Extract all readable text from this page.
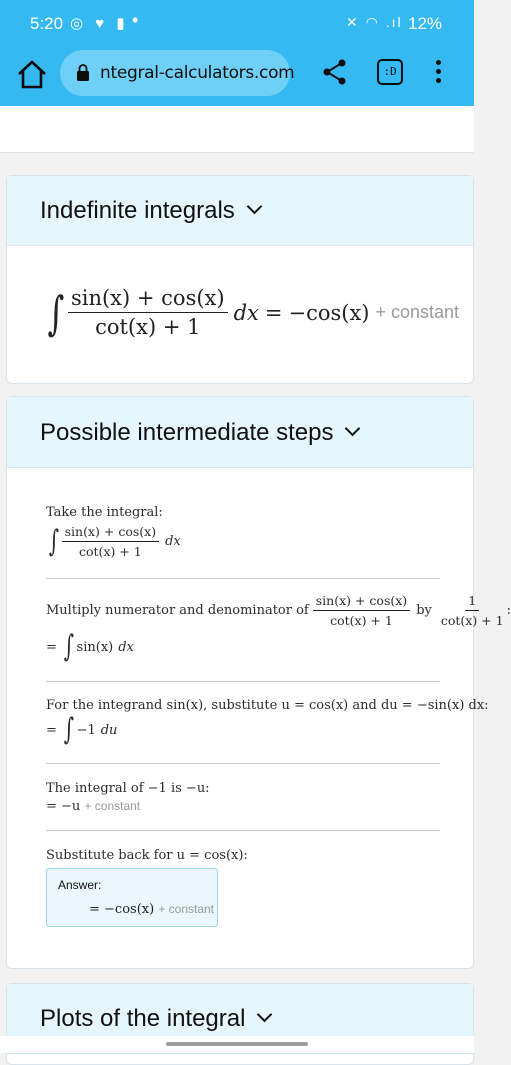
5:20 ◎ ♥ ▮ •	✕ ◠ .ıl 12%
ntegral-calculators.com	:D
Indefinite integrals
∫ $\frac{\sin(x) + \cos(x)}{\cot(x) + 1}$ dx = −cos(x) + constant
Possible intermediate steps
Take the integral:
∫ $\frac{\sin(x) + \cos(x)}{\cot(x) + 1}$ dx
Multiply numerator and denominator of $\frac{\sin(x) + \cos(x)}{\cot(x) + 1}$ by $\frac{1}{\cot(x) + 1}$ :
= ∫ sin(x) dx
For the integrand sin(x), substitute u = cos(x) and du = −sin(x) dx:
= ∫ −1 du
The integral of −1 is −u:
= −u + constant
Substitute back for u = cos(x):
Answer:
= −cos(x) + constant
Plots of the integral
